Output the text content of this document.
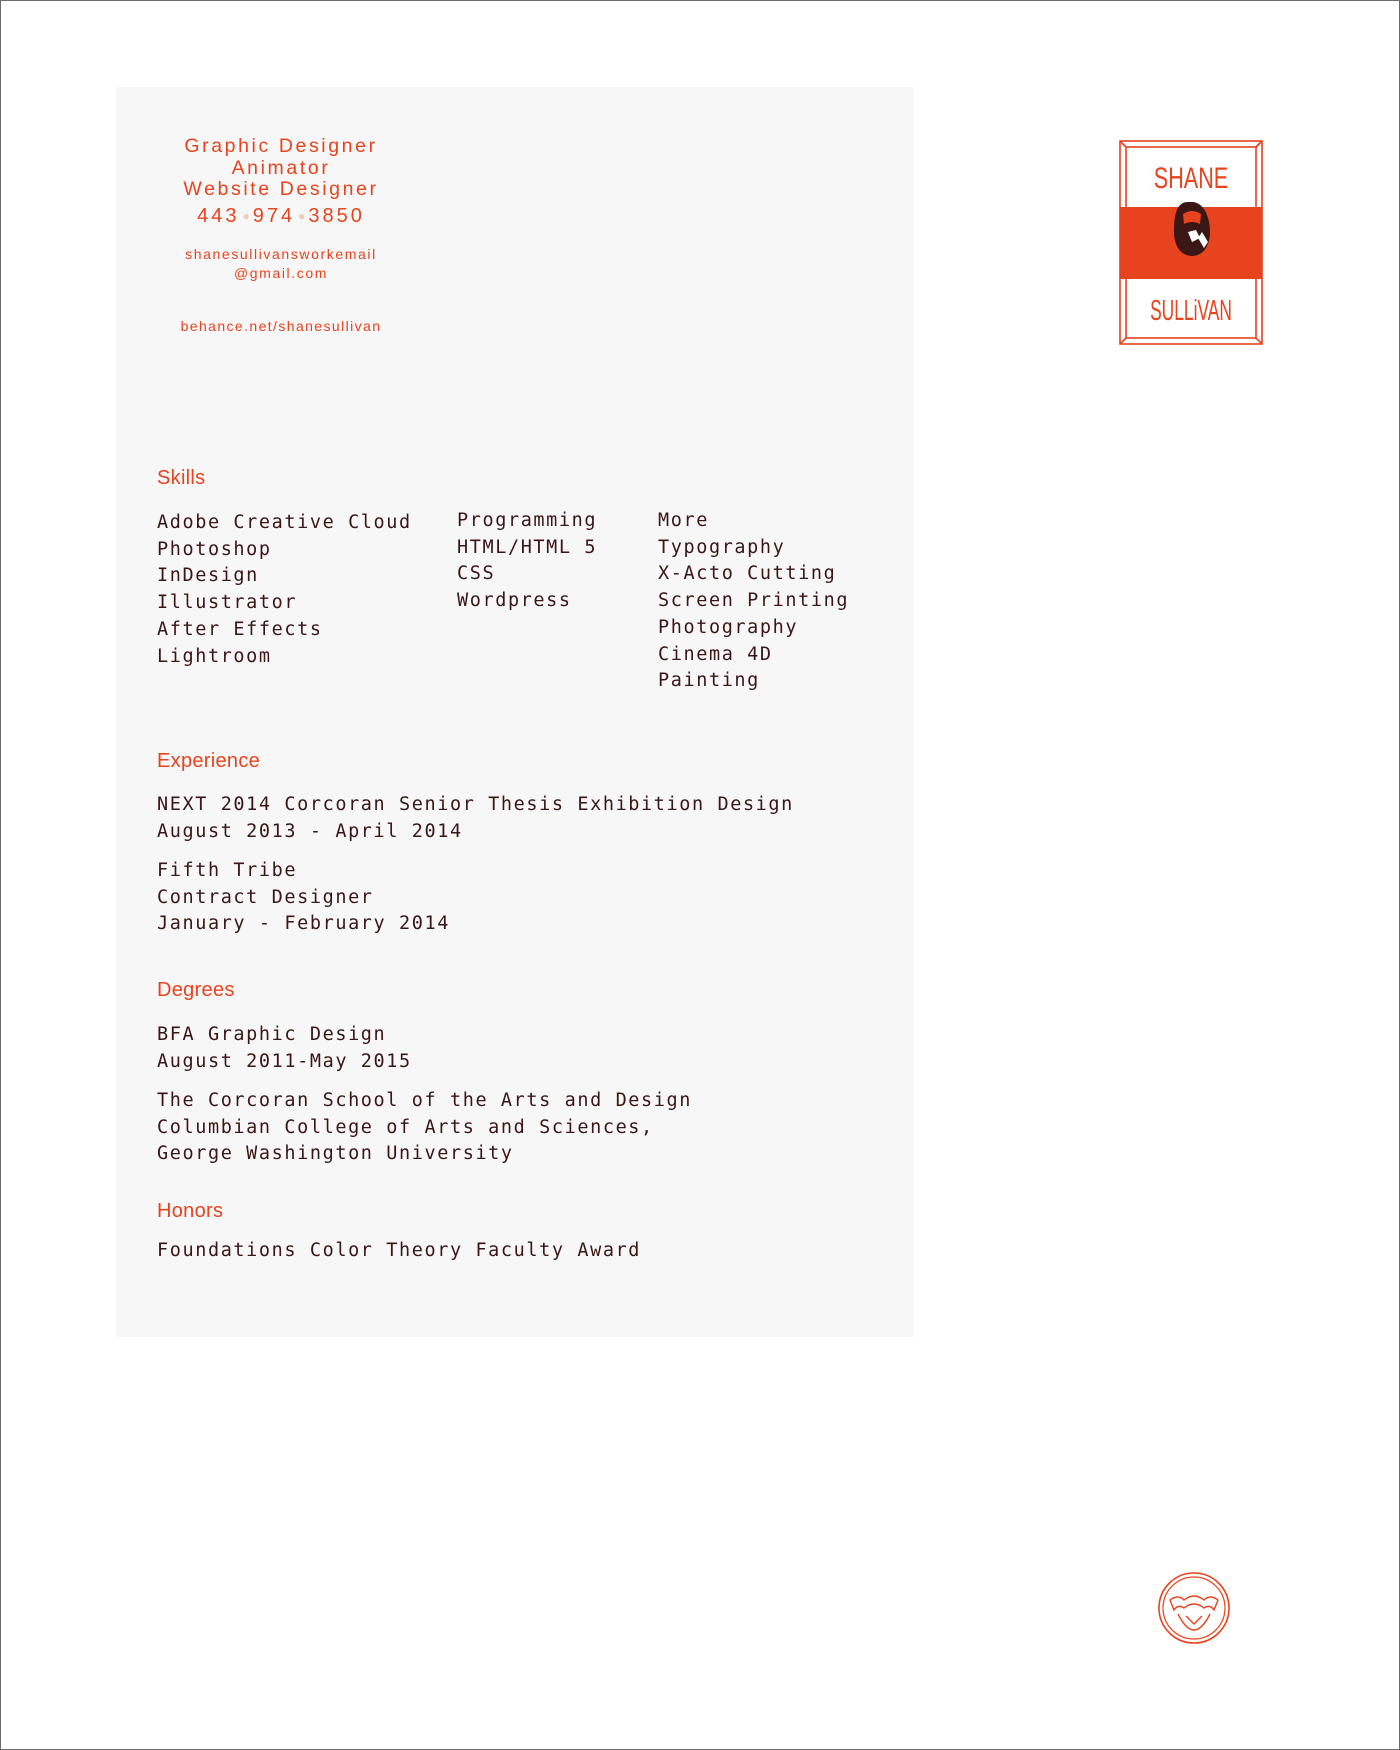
Graphic Designer
Animator
Website Designer
443 ● 974 ● 3850
shanesullivansworkemail
@gmail.com
behance.net/shanesullivan
SHANE
SULLiVAN
Skills
Adobe Creative Cloud
Photoshop
InDesign
Illustrator
After Effects
Lightroom
Programming
HTML/HTML 5
CSS
Wordpress
More
Typography
X-Acto Cutting
Screen Printing
Photography
Cinema 4D
Painting
Experience
NEXT 2014 Corcoran Senior Thesis Exhibition Design
August 2013 - April 2014
Fifth Tribe
Contract Designer
January - February 2014
Degrees
BFA Graphic Design
August 2011-May 2015
The Corcoran School of the Arts and Design
Columbian College of Arts and Sciences,
George Washington University
Honors
Foundations Color Theory Faculty Award
